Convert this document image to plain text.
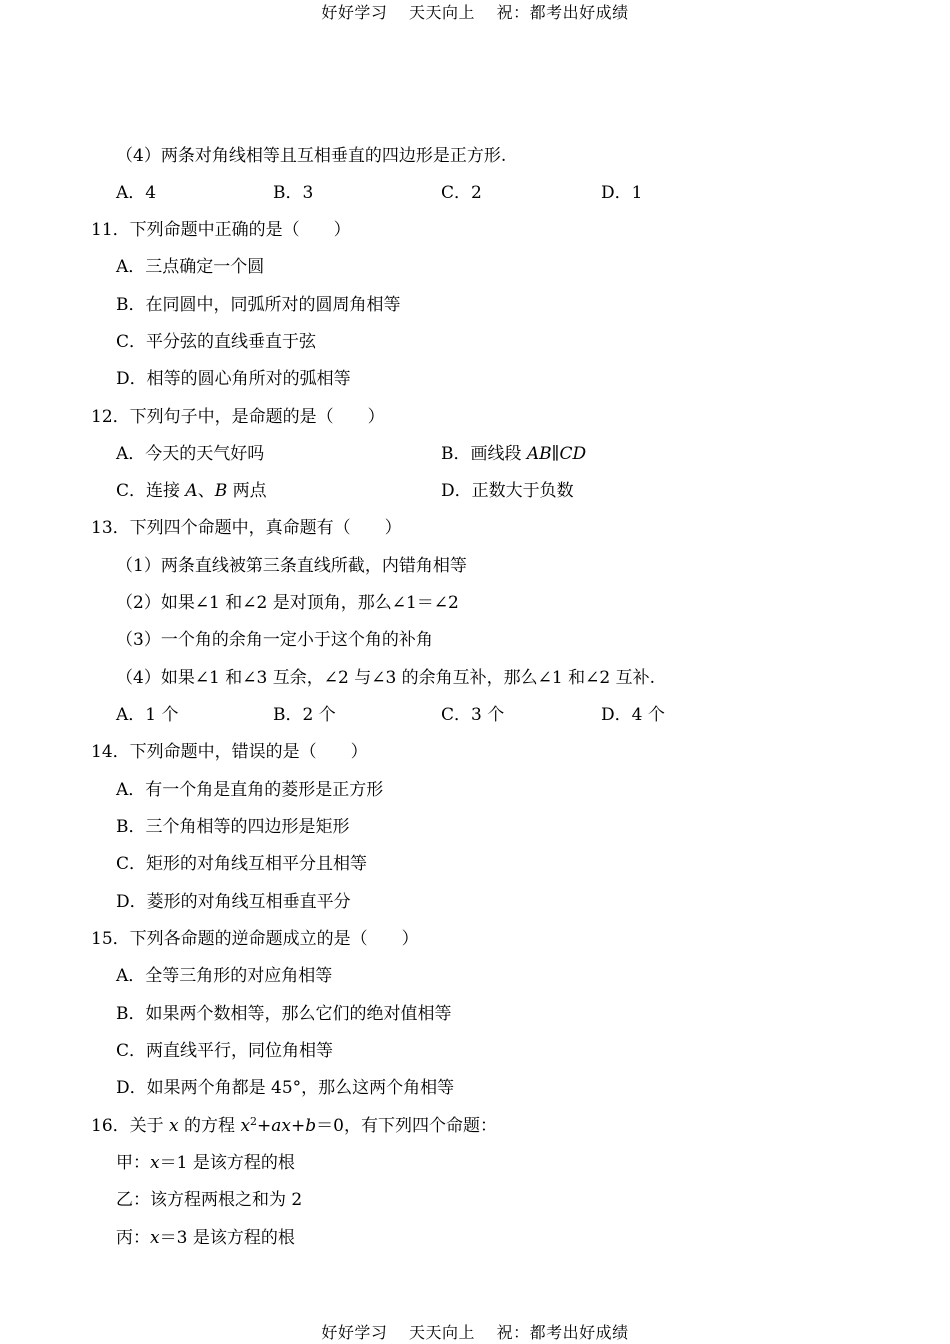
好好学习 天天向上 祝：都考出好成绩
（4）两条对角线相等且互相垂直的四边形是正方形.
A．4	B．3	C．2	D．1
11．下列命题中正确的是（　　）
A．三点确定一个圆
B．在同圆中，同弧所对的圆周角相等
C．平分弦的直线垂直于弦
D．相等的圆心角所对的弧相等
12．下列句子中，是命题的是（　　）
A．今天的天气好吗	B．画线段 AB∥CD
C．连接 A、B 两点	D．正数大于负数
13．下列四个命题中，真命题有（　　）
（1）两条直线被第三条直线所截，内错角相等
（2）如果∠1 和∠2 是对顶角，那么∠1＝∠2
（3）一个角的余角一定小于这个角的补角
（4）如果∠1 和∠3 互余，∠2 与∠3 的余角互补，那么∠1 和∠2 互补.
A．1 个	B．2 个	C．3 个	D．4 个
14．下列命题中，错误的是（　　）
A．有一个角是直角的菱形是正方形
B．三个角相等的四边形是矩形
C．矩形的对角线互相平分且相等
D．菱形的对角线互相垂直平分
15．下列各命题的逆命题成立的是（　　）
A．全等三角形的对应角相等
B．如果两个数相等，那么它们的绝对值相等
C．两直线平行，同位角相等
D．如果两个角都是 45°，那么这两个角相等
16．关于 x 的方程 $x^2+ax+b=0$，有下列四个命题：
甲：x＝1 是该方程的根
乙：该方程两根之和为 2
丙：x＝3 是该方程的根
好好学习 天天向上 祝：都考出好成绩
